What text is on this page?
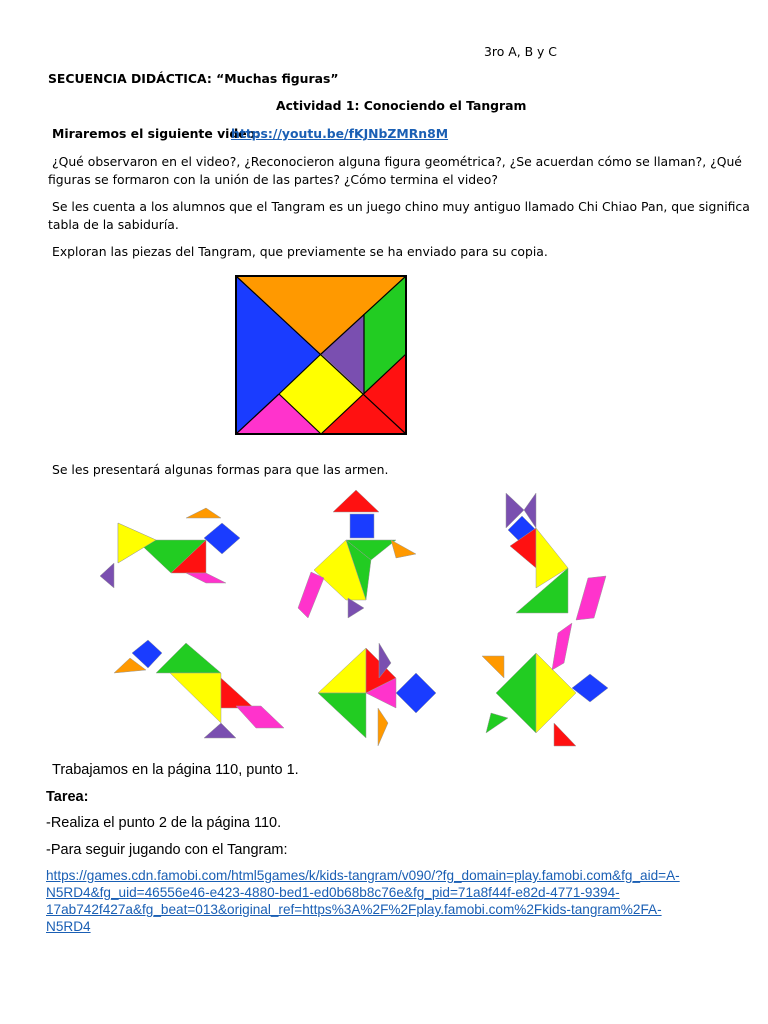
3ro A, B y C
SECUENCIA DIDÁCTICA: “Muchas figuras”
Actividad 1: Conociendo el Tangram
Miraremos el siguiente video:
https://youtu.be/fKJNbZMRn8M
¿Qué observaron en el video?, ¿Reconocieron alguna figura geométrica?, ¿Se acuerdan cómo se llaman?, ¿Qué
figuras se formaron con la unión de las partes? ¿Cómo termina el video?
Se les cuenta a los alumnos que el Tangram es un juego chino muy antiguo llamado Chi Chiao Pan, que significa
tabla de la sabiduría.
Exploran las piezas del Tangram, que previamente se ha enviado para su copia.
Se les presentará algunas formas para que las armen.
Trabajamos en la página 110, punto 1.
Tarea:
-Realiza el punto 2 de la página 110.
-Para seguir jugando con el Tangram:
https://games.cdn.famobi.com/html5games/k/kids-tangram/v090/?fg_domain=play.famobi.com&fg_aid=A-
N5RD4&fg_uid=46556e46-e423-4880-bed1-ed0b68b8c76e&fg_pid=71a8f44f-e82d-4771-9394-
17ab742f427a&fg_beat=013&original_ref=https%3A%2F%2Fplay.famobi.com%2Fkids-tangram%2FA-
N5RD4
